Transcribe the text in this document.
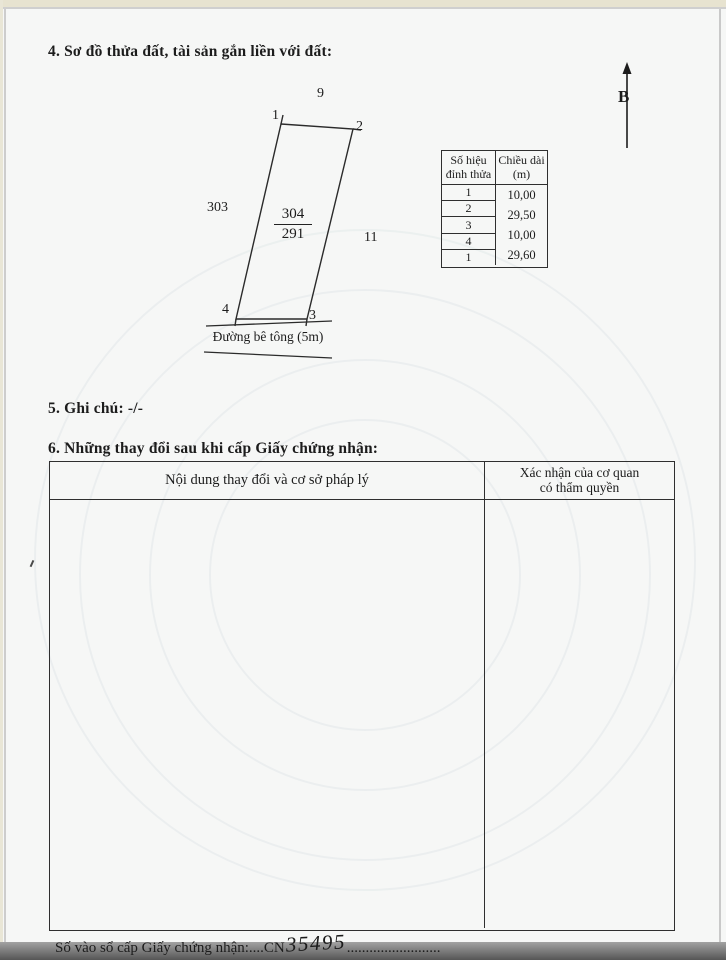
4. Sơ đồ thửa đất, tài sản gắn liền với đất:
9
1
2
3
4
303
11
$\frac{304}{291}$
Đường bê tông (5m)
B
Số hiệu đỉnh thửa
Chiều dài
(m)
1
2
3
4
1
10,00
29,50
10,00
29,60
5. Ghi chú: -/-
6. Những thay đổi sau khi cấp Giấy chứng nhận:
Nội dung thay đổi và cơ sở pháp lý	Xác nhận của cơ quan
có thẩm quyền
Số vào sổ cấp Giấy chứng nhận:....CN35495.........................
